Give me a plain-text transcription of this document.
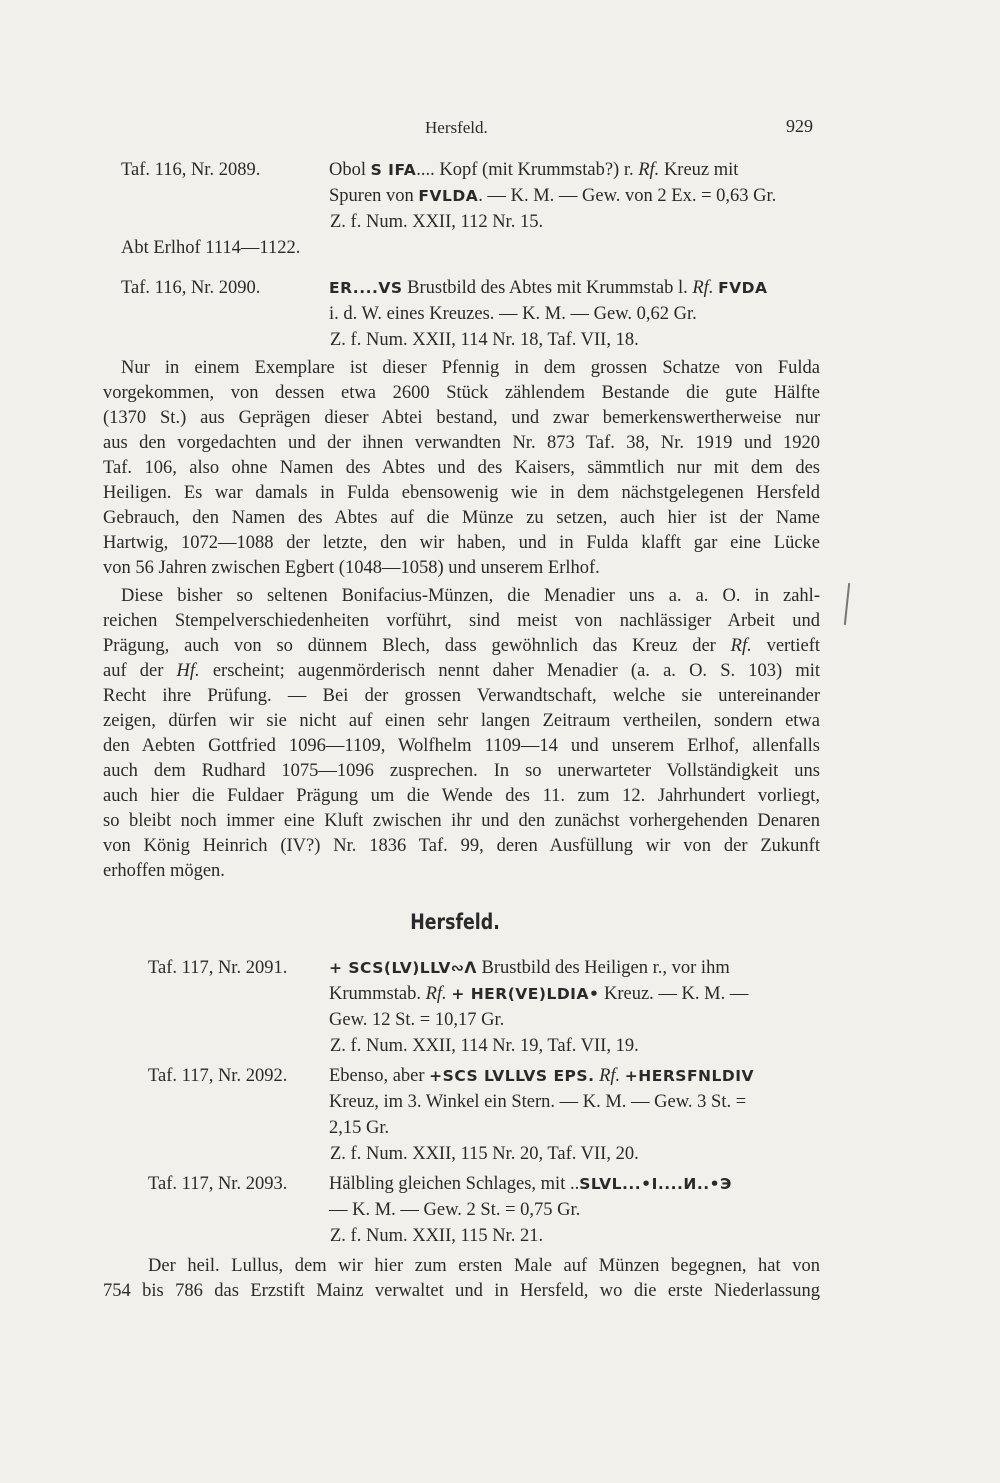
Hersfeld.	929
Taf. 116, Nr. 2089.	Obol S IFA.... Kopf (mit Krummstab?) r. Rf. Kreuz mit
Spuren von FVLDA. — K. M. — Gew. von 2 Ex. = 0,63 Gr.
Z. f. Num. XXII, 112 Nr. 15.
Abt Erlhof 1114—1122.
Taf. 116, Nr. 2090.	ER....VS Brustbild des Abtes mit Krummstab l. Rf. FVDA
i. d. W. eines Kreuzes. — K. M. — Gew. 0,62 Gr.
Z. f. Num. XXII, 114 Nr. 18, Taf. VII, 18.
Nur in einem Exemplare ist dieser Pfennig in dem grossen Schatze von Fulda
vorgekommen, von dessen etwa 2600 Stück zählendem Bestande die gute Hälfte
(1370 St.) aus Geprägen dieser Abtei bestand, und zwar bemerkenswertherweise nur
aus den vorgedachten und der ihnen verwandten Nr. 873 Taf. 38, Nr. 1919 und 1920
Taf. 106, also ohne Namen des Abtes und des Kaisers, sämmtlich nur mit dem des
Heiligen. Es war damals in Fulda ebensowenig wie in dem nächstgelegenen Hersfeld
Gebrauch, den Namen des Abtes auf die Münze zu setzen, auch hier ist der Name
Hartwig, 1072—1088 der letzte, den wir haben, und in Fulda klafft gar eine Lücke
von 56 Jahren zwischen Egbert (1048—1058) und unserem Erlhof.
Diese bisher so seltenen Bonifacius-Münzen, die Menadier uns a. a. O. in zahl-
reichen Stempelverschiedenheiten vorführt, sind meist von nachlässiger Arbeit und
Prägung, auch von so dünnem Blech, dass gewöhnlich das Kreuz der Rf. vertieft
auf der Hf. erscheint; augenmörderisch nennt daher Menadier (a. a. O. S. 103) mit
Recht ihre Prüfung. — Bei der grossen Verwandtschaft, welche sie untereinander
zeigen, dürfen wir sie nicht auf einen sehr langen Zeitraum vertheilen, sondern etwa
den Aebten Gottfried 1096—1109, Wolfhelm 1109—14 und unserem Erlhof, allenfalls
auch dem Rudhard 1075—1096 zusprechen. In so unerwarteter Vollständigkeit uns
auch hier die Fuldaer Prägung um die Wende des 11. zum 12. Jahrhundert vorliegt,
so bleibt noch immer eine Kluft zwischen ihr und den zunächst vorhergehenden Denaren
von König Heinrich (IV?) Nr. 1836 Taf. 99, deren Ausfüllung wir von der Zukunft
erhoffen mögen.
Hersfeld.
Taf. 117, Nr. 2091.	+ SCS(LV)LLV∾Λ Brustbild des Heiligen r., vor ihm
Krummstab. Rf. + HER(VE)LDIA• Kreuz. — K. M. —
Gew. 12 St. = 10,17 Gr.
Z. f. Num. XXII, 114 Nr. 19, Taf. VII, 19.
Taf. 117, Nr. 2092. Ebenso, aber +SCS LVLLVS EPS. Rf. +HERSFNLDIV
Kreuz, im 3. Winkel ein Stern. — K. M. — Gew. 3 St. =
2,15 Gr.
Z. f. Num. XXII, 115 Nr. 20, Taf. VII, 20.
Taf. 117, Nr. 2093. Hälbling gleichen Schlages, mit ..SLVL...•I....И..•Э
— K. M. — Gew. 2 St. = 0,75 Gr.
Z. f. Num. XXII, 115 Nr. 21.
Der heil. Lullus, dem wir hier zum ersten Male auf Münzen begegnen, hat von
754 bis 786 das Erzstift Mainz verwaltet und in Hersfeld, wo die erste Niederlassung
